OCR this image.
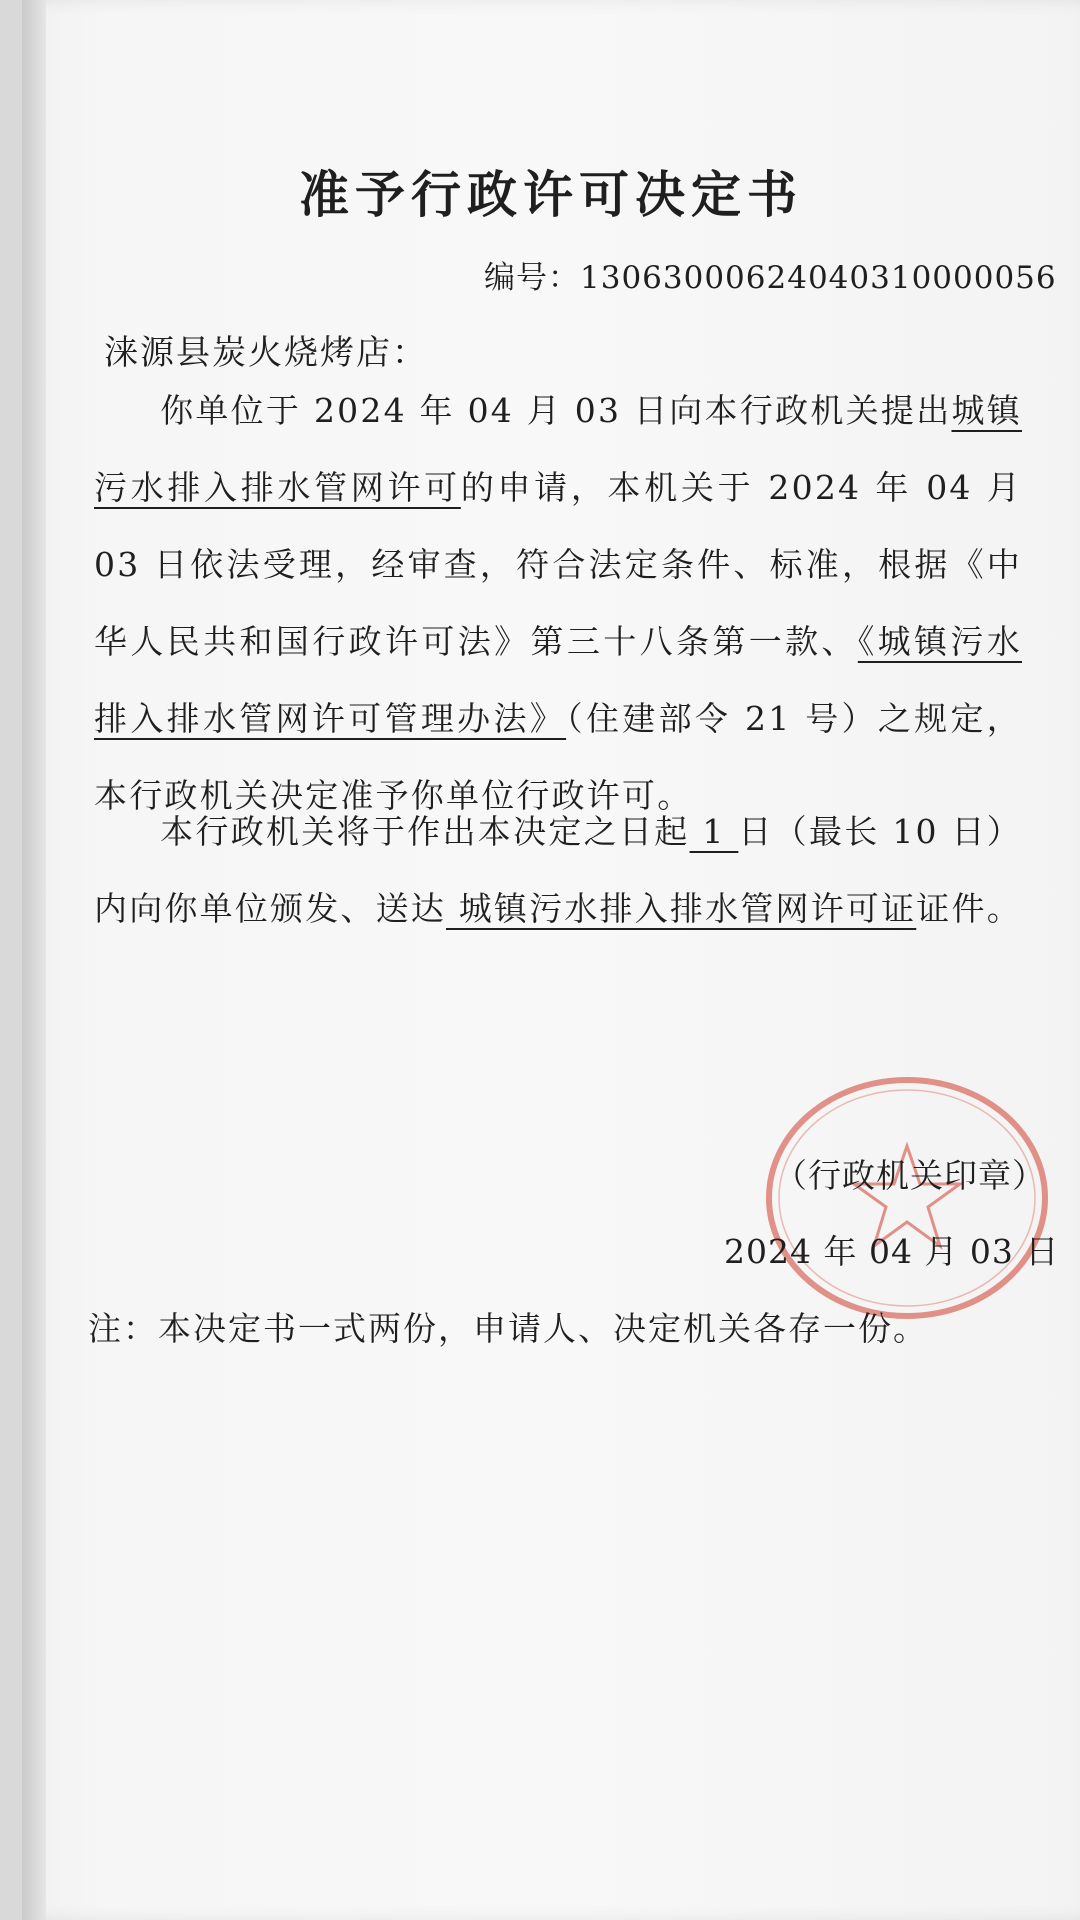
准予行政许可决定书
编号：13063000624040310000056
涞源县炭火烧烤店：
你单位于 2024 年 04 月 03 日向本行政机关提出城镇污水排入排水管网许可的申请，本机关于 2024 年 04 月 03 日依法受理，经审查，符合法定条件、标准，根据《中华人民共和国行政许可法》第三十八条第一款、《城镇污水排入排水管网许可管理办法》（住建部令 21 号）之规定，本行政机关决定准予你单位行政许可。
本行政机关将于作出本决定之日起 1 日（最长 10 日）内向你单位颁发、送达 城镇污水排入排水管网许可证证件。
（行政机关印章）
2024 年 04 月 03 日
注：本决定书一式两份，申请人、决定机关各存一份。
